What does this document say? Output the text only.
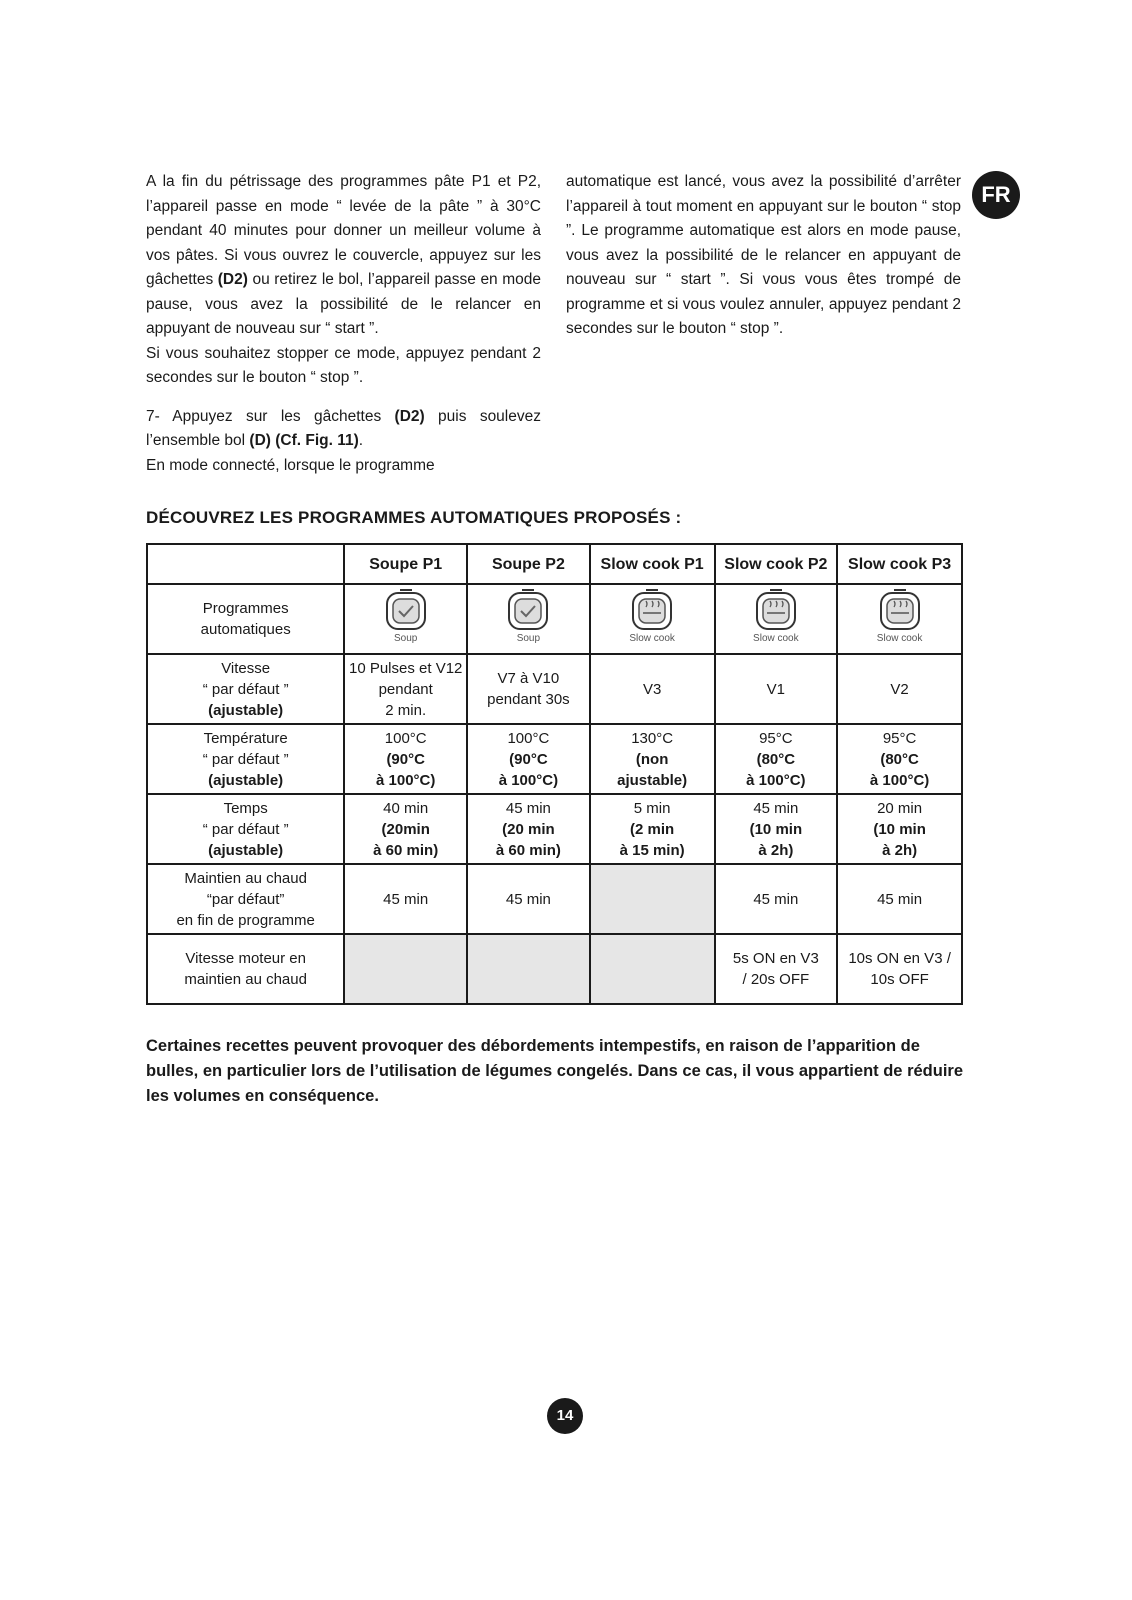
FR

A la fin du pétrissage des programmes pâte P1 et P2, l’appareil passe en mode “ levée de la pâte ” à 30°C pendant 40 minutes pour donner un meilleur volume à vos pâtes. Si vous ouvrez le couvercle, appuyez sur les gâchettes (D2) ou retirez le bol, l’appareil passe en mode pause, vous avez la possibilité de le relancer en appuyant de nouveau sur “ start ”.

Si vous souhaitez stopper ce mode, appuyez pendant 2 secondes sur le bouton “ stop ”.

7- Appuyez sur les gâchettes (D2) puis soulevez l’ensemble bol (D) (Cf. Fig. 11).

En mode connecté, lorsque le programme

automatique est lancé, vous avez la possibilité d’arrêter l’appareil à tout moment en appuyant sur le bouton “ stop ”. Le programme automatique est alors en mode pause, vous avez la possibilité de le relancer en appuyant de nouveau sur “ start ”. Si vous vous êtes trompé de programme et si vous voulez annuler, appuyez pendant 2 secondes sur le bouton “ stop ”.

DÉCOUVREZ LES PROGRAMMES AUTOMATIQUES PROPOSÉS :
	Soupe P1	Soupe P2	Slow cook P1	Slow cook P2	Slow cook P3

Programmes
automatiques	Soup	Soup	Slow cook	Slow cook	Slow cook

Vitesse
“ par défaut ”
(ajustable)	10 Pulses et V12
pendant
2 min.	V7 à V10
pendant 30s	V3	V1	V2

Température
“ par défaut ”
(ajustable)	100°C
(90°C
à 100°C)	100°C
(90°C
à 100°C)	130°C
(non
ajustable)	95°C
(80°C
à 100°C)	95°C
(80°C
à 100°C)

Temps
“ par défaut ”
(ajustable)	40 min
(20min
à 60 min)	45 min
(20 min
à 60 min)	5 min
(2 min
à 15 min)	45 min
(10 min
à 2h)	20 min
(10 min
à 2h)

Maintien au chaud
“par défaut”
en fin de programme	45 min	45 min		45 min	45 min

Vitesse moteur en
maintien au chaud				5s ON en V3
/ 20s OFF	10s ON en V3 /
10s OFF
Certaines recettes peuvent provoquer des débordements intempestifs, en raison de l’apparition de bulles, en particulier lors de l’utilisation de légumes congelés. Dans ce cas, il vous appartient de réduire les volumes en conséquence.
14
